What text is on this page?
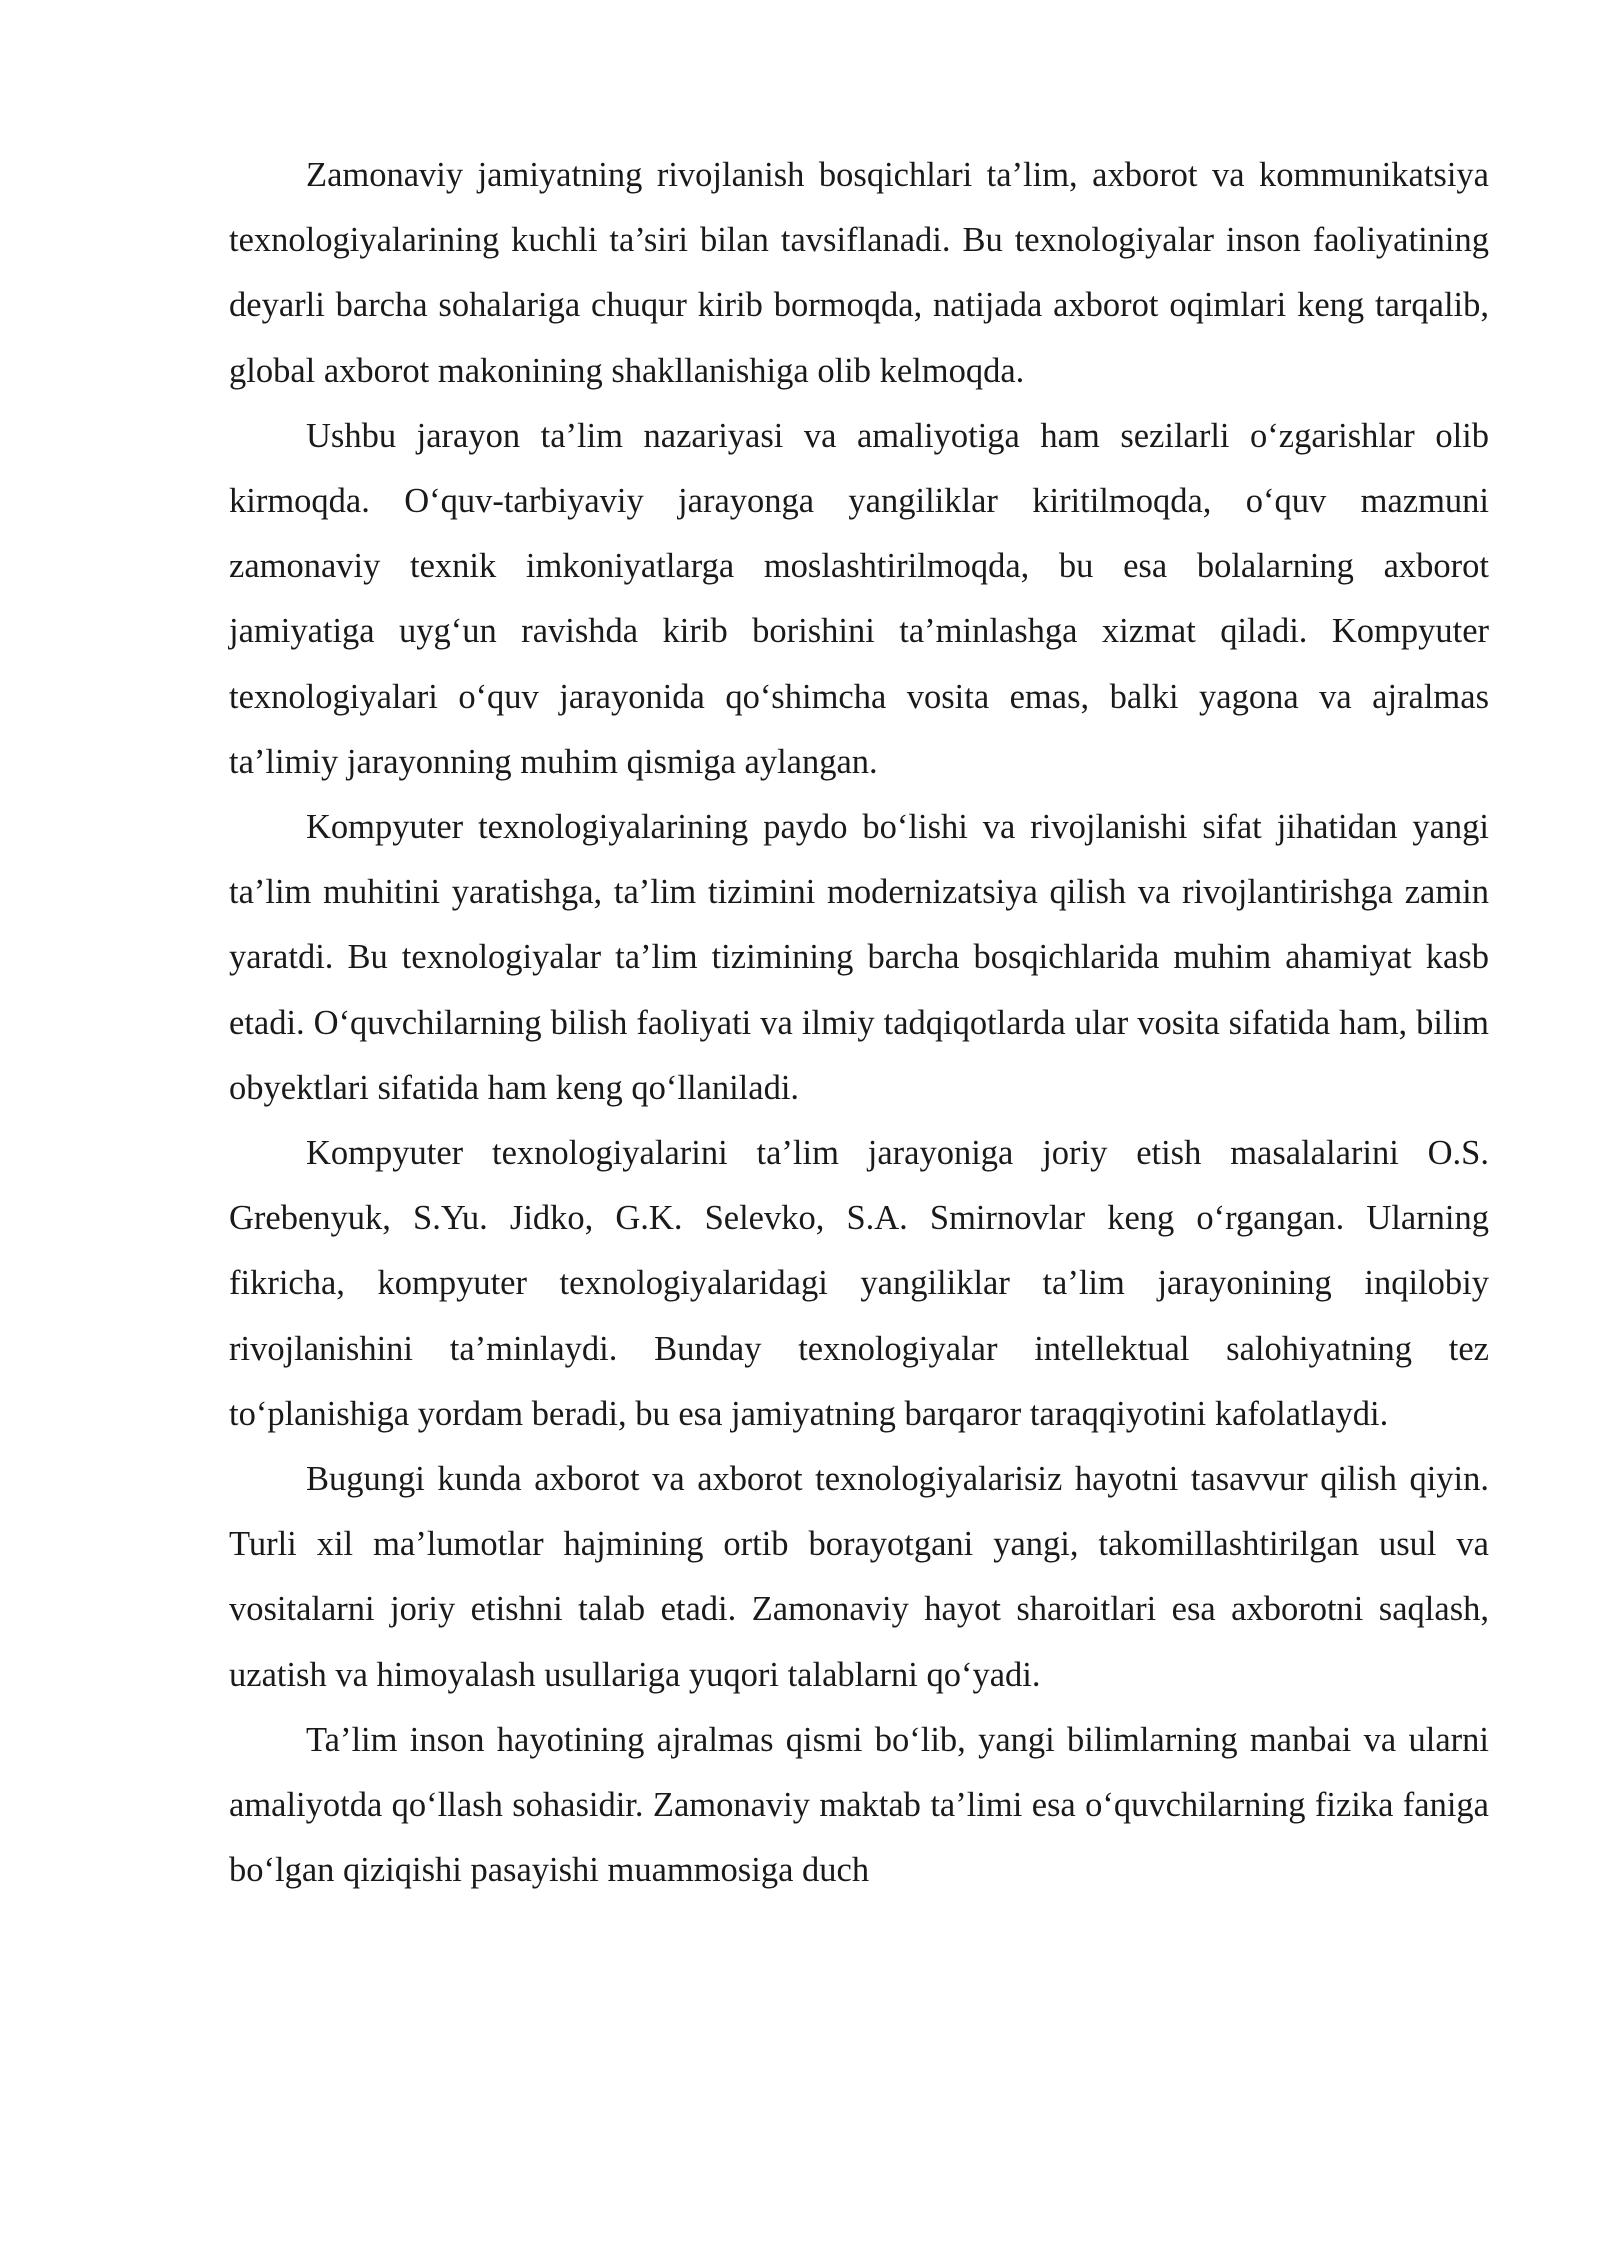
Zamonaviy jamiyatning rivojlanish bosqichlari ta’lim, axborot va kommunikatsiya texnologiyalarining kuchli ta’siri bilan tavsiflanadi. Bu texnologiyalar inson faoliyatining deyarli barcha sohalariga chuqur kirib bormoqda, natijada axborot oqimlari keng tarqalib, global axborot makonining shakllanishiga olib kelmoqda.

Ushbu jarayon ta’lim nazariyasi va amaliyotiga ham sezilarli o‘zgarishlar olib kirmoqda. O‘quv-tarbiyaviy jarayonga yangiliklar kiritilmoqda, o‘quv mazmuni zamonaviy texnik imkoniyatlarga moslashtirilmoqda, bu esa bolalarning axborot jamiyatiga uyg‘un ravishda kirib borishini ta’minlashga xizmat qiladi. Kompyuter texnologiyalari o‘quv jarayonida qo‘shimcha vosita emas, balki yagona va ajralmas ta’limiy jarayonning muhim qismiga aylangan.

Kompyuter texnologiyalarining paydo bo‘lishi va rivojlanishi sifat jihatidan yangi ta’lim muhitini yaratishga, ta’lim tizimini modernizatsiya qilish va rivojlantirishga zamin yaratdi. Bu texnologiyalar ta’lim tizimining barcha bosqichlarida muhim ahamiyat kasb etadi. O‘quvchilarning bilish faoliyati va ilmiy tadqiqotlarda ular vosita sifatida ham, bilim obyektlari sifatida ham keng qo‘llaniladi.

Kompyuter texnologiyalarini ta’lim jarayoniga joriy etish masalalarini O.S. Grebenyuk, S.Yu. Jidko, G.K. Selevko, S.A. Smirnovlar keng o‘rgangan. Ularning fikricha, kompyuter texnologiyalaridagi yangiliklar ta’lim jarayonining inqilobiy rivojlanishini ta’minlaydi. Bunday texnologiyalar intellektual salohiyatning tez to‘planishiga yordam beradi, bu esa jamiyatning barqaror taraqqiyotini kafolatlaydi.

Bugungi kunda axborot va axborot texnologiyalarisiz hayotni tasavvur qilish qiyin. Turli xil ma’lumotlar hajmining ortib borayotgani yangi, takomillashtirilgan usul va vositalarni joriy etishni talab etadi. Zamonaviy hayot sharoitlari esa axborotni saqlash, uzatish va himoyalash usullariga yuqori talablarni qo‘yadi.

Ta’lim inson hayotining ajralmas qismi bo‘lib, yangi bilimlarning manbai va ularni amaliyotda qo‘llash sohasidir. Zamonaviy maktab ta’limi esa o‘quvchilarning fizika faniga bo‘lgan qiziqishi pasayishi muammosiga duch
